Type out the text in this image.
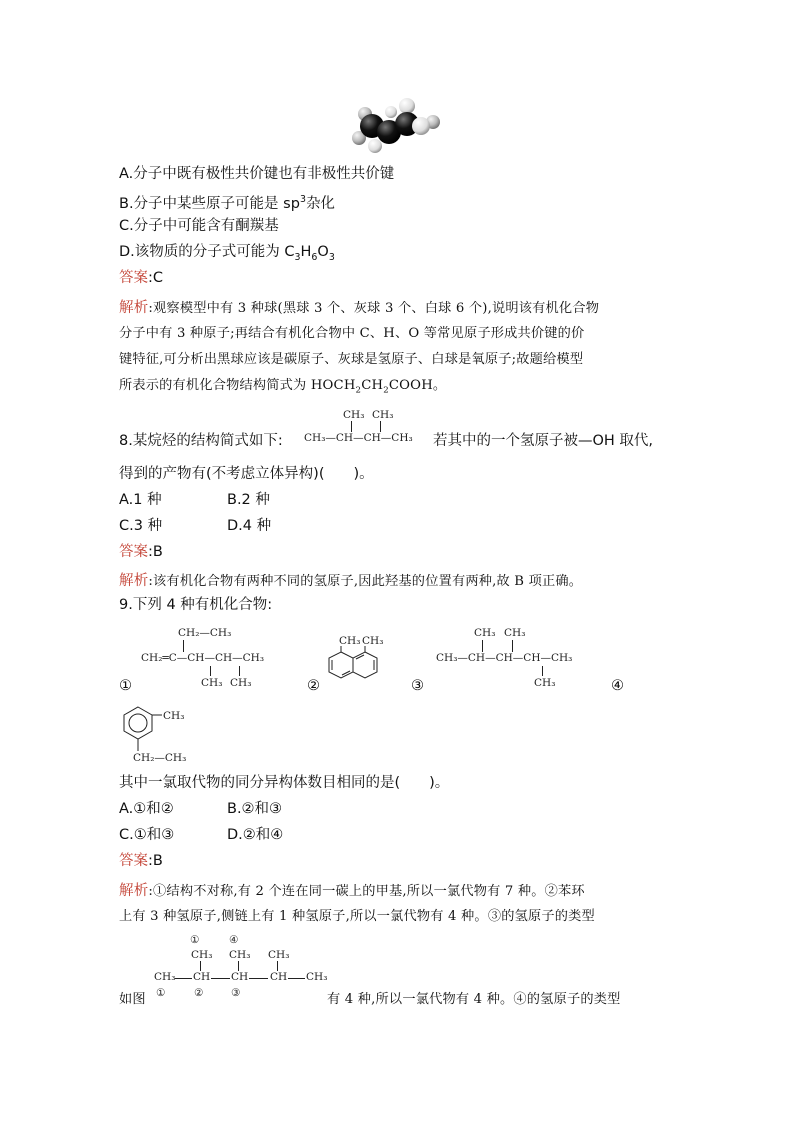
A.分子中既有极性共价键也有非极性共价键
B.分子中某些原子可能是 $sp^3$杂化
C.分子中可能含有酮羰基
D.该物质的分子式可能为 $C_3H_6O_3$
答案:C
解析:观察模型中有 3 种球(黑球 3 个、灰球 3 个、白球 6 个),说明该有机化合物
分子中有 3 种原子;再结合有机化合物中 C、H、O 等常见原子形成共价键的价
键特征,可分析出黑球应该是碳原子、灰球是氢原子、白球是氧原子;故题给模型
所表示的有机化合物结构简式为 $HOCH_2CH_2COOH$。
8.某烷烃的结构简式如下:
CH₃ CH₃
CH₃—CH—CH—CH₃ 若其中的一个氢原子被—OH 取代,
得到的产物有(不考虑立体异构)(　　)。
A.1 种	B.2 种
C.3 种	D.4 种
答案:B
解析:该有机化合物有两种不同的氢原子,因此羟基的位置有两种,故 B 项正确。
9.下列 4 种有机化合物:
CH₂—CH₃
CH₂═C—CH—CH—CH₃
CH₃ CH₃
①	②
CH₃ CH₃
③
CH₃ CH₃
CH₃—CH—CH—CH—CH₃
CH₃	④
CH₃
CH₂—CH₃
其中一氯取代物的同分异构体数目相同的是(　　)。
A.①和②	B.②和③
C.①和③	D.②和④
答案:B
解析:①结构不对称,有 2 个连在同一碳上的甲基,所以一氯代物有 7 种。②苯环
上有 3 种氢原子,侧链上有 1 种氢原子,所以一氯代物有 4 种。③的氢原子的类型
①	④
CH₃ CH₃ CH₃
CH₃ CH CH CH CH₃
如图 ①	②	③	有 4 种,所以一氯代物有 4 种。④的氢原子的类型
